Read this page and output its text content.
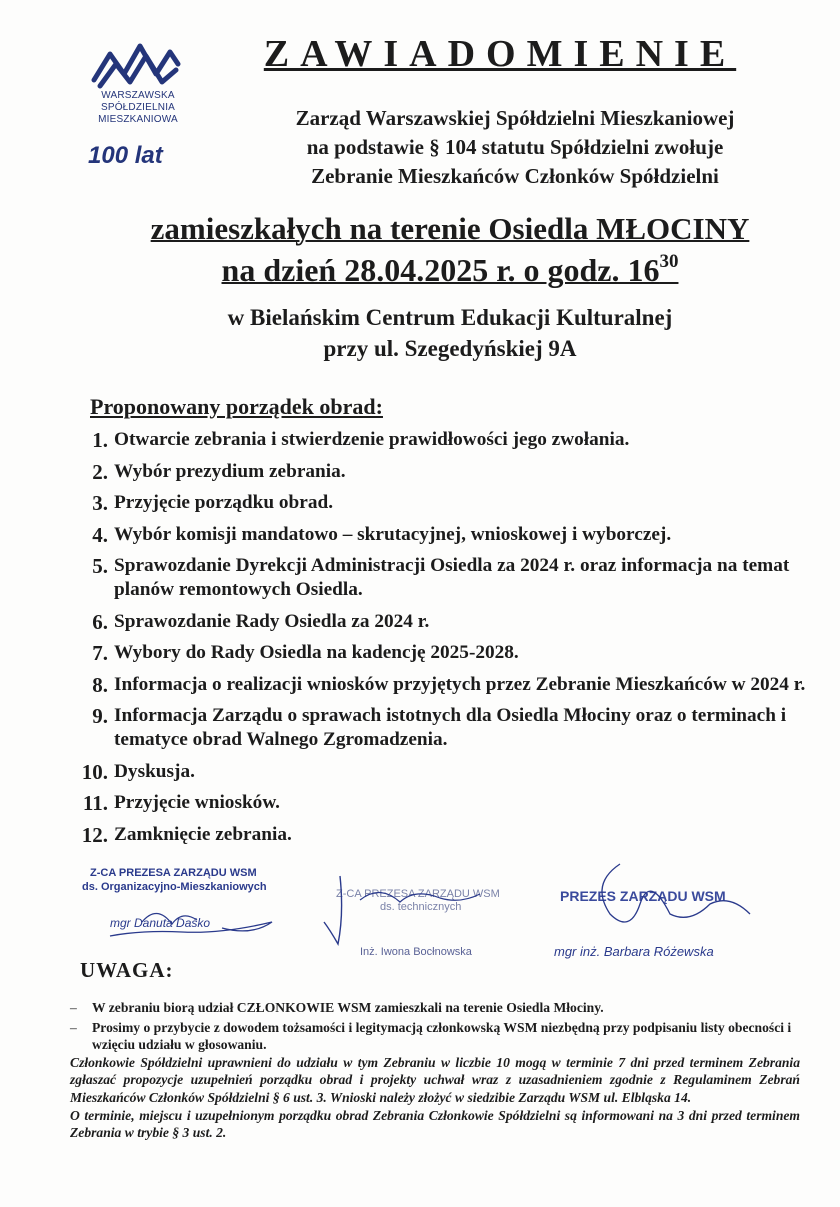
WARSZAWSKA
SPÓŁDZIELNIA
MIESZKANIOWA
100 lat
ZAWIADOMIENIE
Zarząd Warszawskiej Spółdzielni Mieszkaniowej
na podstawie § 104 statutu Spółdzielni zwołuje
Zebranie Mieszkańców Członków Spółdzielni
zamieszkałych na terenie Osiedla MŁOCINY
na dzień 28.04.2025 r. o godz. $16^{30}$
w Bielańskim Centrum Edukacji Kulturalnej
przy ul. Szegedyńskiej 9A
Proponowany porządek obrad:
1. Otwarcie zebrania i stwierdzenie prawidłowości jego zwołania.
2. Wybór prezydium zebrania.
3. Przyjęcie porządku obrad.
4. Wybór komisji mandatowo – skrutacyjnej, wnioskowej i wyborczej.
5. Sprawozdanie Dyrekcji Administracji Osiedla za 2024 r. oraz informacja na temat planów remontowych Osiedla.
6. Sprawozdanie Rady Osiedla za 2024 r.
7. Wybory do Rady Osiedla na kadencję 2025-2028.
8. Informacja o realizacji wniosków przyjętych przez Zebranie Mieszkańców w 2024 r.
9. Informacja Zarządu o sprawach istotnych dla Osiedla Młociny oraz o terminach i tematyce obrad Walnego Zgromadzenia.
10. Dyskusja.
11. Przyjęcie wniosków.
12. Zamknięcie zebrania.
Z-CA PREZESA ZARZĄDU WSM
ds. Organizacyjno-Mieszkaniowych
mgr Danuta Daśko
Z-CA PREZESA ZARZĄDU WSM
ds. technicznych
Inż. Iwona Bocłnowska
PREZES ZARZĄDU WSM
mgr inż. Barbara Różewska
UWAGA:
–	W zebraniu biorą udział CZŁONKOWIE WSM zamieszkali na terenie Osiedla Młociny.
–	Prosimy o przybycie z dowodem tożsamości i legitymacją członkowską WSM niezbędną przy podpisaniu listy obecności i wzięciu udziału w głosowaniu.
Członkowie Spółdzielni uprawnieni do udziału w tym Zebraniu w liczbie 10 mogą w terminie 7 dni przed terminem Zebrania zgłaszać propozycje uzupełnień porządku obrad i projekty uchwał wraz z uzasadnieniem zgodnie z Regulaminem Zebrań Mieszkańców Członków Spółdzielni § 6 ust. 3. Wnioski należy złożyć w siedzibie Zarządu WSM ul. Elbląska 14.
O terminie, miejscu i uzupełnionym porządku obrad Zebrania Członkowie Spółdzielni są informowani na 3 dni przed terminem Zebrania w trybie § 3 ust. 2.
